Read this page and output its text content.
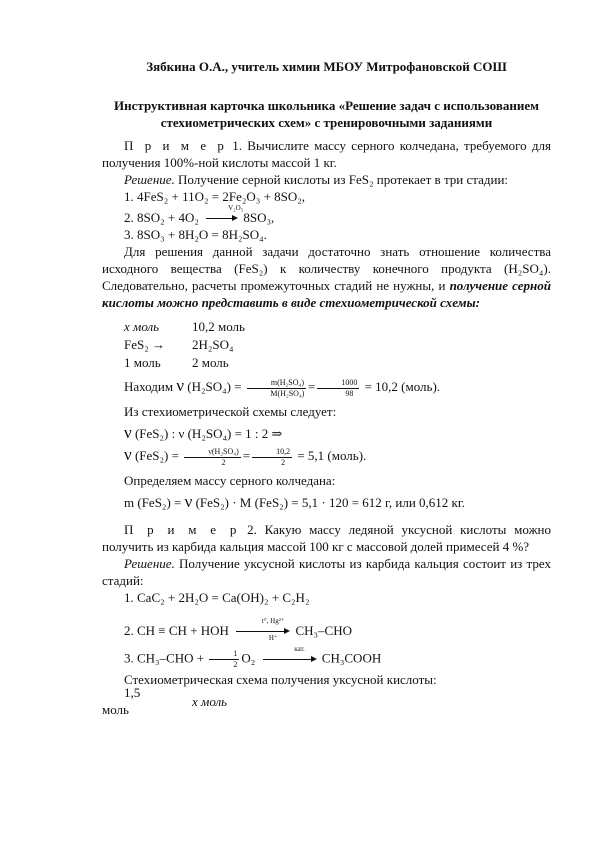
Зябкина О.А., учитель химии МБОУ Митрофановской СОШ
Инструктивная карточка школьника «Решение задач с использованием
стехиометрических схем» с тренировочными заданиями
П р и м е р 1. Вычислите массу серного колчедана, требуемого для получения 100%-ной кислоты массой 1 кг.
Решение. Получение серной кислоты из FeS₂ протекает в три стадии:
1. 4FeS₂ + 11O₂ = 2Fe₂O₃ + 8SO₂,
2. 8SO₂ + 4O₂
V₂O₅
8SO₃,
3. 8SO₃ + 8H₂O = 8H₂SO₄.
Для решения данной задачи достаточно знать отношение количества исходного вещества (FeS₂) к количеству конечного продукта (H₂SO₄). Следовательно, расчеты промежуточных стадий не нужны, и получение серной кислоты можно представить в виде стехиометрической схемы:
x моль	10,2 моль
FeS₂ →	2H₂SO₄
1 моль	2 моль
Находим ν $(H_2SO_4) = \frac{\text{m(H₂SO₄)}}{\text{M(H₂SO₄)}} = \frac{1000}{98} = 10,2$ (моль).
Из стехиометрической схемы следует:
ν (FeS₂) : ν (H₂SO₄) = 1 : 2 ⇒
ν $(FeS_2) = \frac{\text{ν(H₂SO₄)}}{2} = \frac{10,2}{2} = 5,1$ (моль).
Определяем массу серного колчедана:
m (FeS₂) = ν (FeS₂) · M (FeS₂) = 5,1 · 120 = 612 г, или 0,612 кг.
П р и м е р 2. Какую массу ледяной уксусной кислоты можно получить из карбида кальция массой 100 кг с массовой долей примесей 4 %?
Решение. Получение уксусной кислоты из карбида кальция состоит из трех стадий:
1. CaC₂ + 2H₂O = Ca(OH)₂ + C₂H₂
2. CH ≡ CH + HOH $\frac{\text{t°, Hg²⁺}}{H^+} CH_3-CHO$
3. $CH_3-CHO + \frac{1}{2} O_2$
кат.
CH₃COOH
Стехиометрическая схема получения уксусной кислоты:
1,5 моль
x моль
